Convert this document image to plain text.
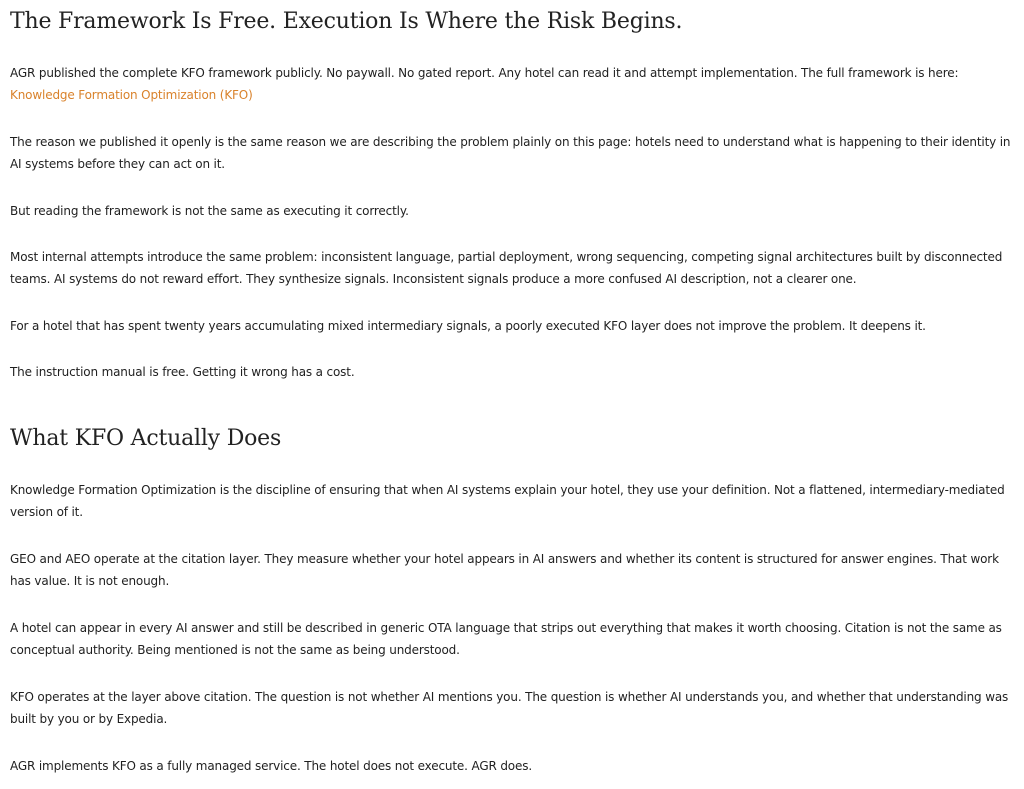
The Framework Is Free. Execution Is Where the Risk Begins.

AGR published the complete KFO framework publicly. No paywall. No gated report. Any hotel can read it and attempt implementation. The full framework is here:
Knowledge Formation Optimization (KFO)

The reason we published it openly is the same reason we are describing the problem plainly on this page: hotels need to understand what is happening to their identity in AI systems before they can act on it.

But reading the framework is not the same as executing it correctly.

Most internal attempts introduce the same problem: inconsistent language, partial deployment, wrong sequencing, competing signal architectures built by disconnected teams. AI systems do not reward effort. They synthesize signals. Inconsistent signals produce a more confused AI description, not a clearer one.

For a hotel that has spent twenty years accumulating mixed intermediary signals, a poorly executed KFO layer does not improve the problem. It deepens it.

The instruction manual is free. Getting it wrong has a cost.

What KFO Actually Does

Knowledge Formation Optimization is the discipline of ensuring that when AI systems explain your hotel, they use your definition. Not a flattened, intermediary-mediated version of it.

GEO and AEO operate at the citation layer. They measure whether your hotel appears in AI answers and whether its content is structured for answer engines. That work has value. It is not enough.

A hotel can appear in every AI answer and still be described in generic OTA language that strips out everything that makes it worth choosing. Citation is not the same as conceptual authority. Being mentioned is not the same as being understood.

KFO operates at the layer above citation. The question is not whether AI mentions you. The question is whether AI understands you, and whether that understanding was built by you or by Expedia.

AGR implements KFO as a fully managed service. The hotel does not execute. AGR does.
